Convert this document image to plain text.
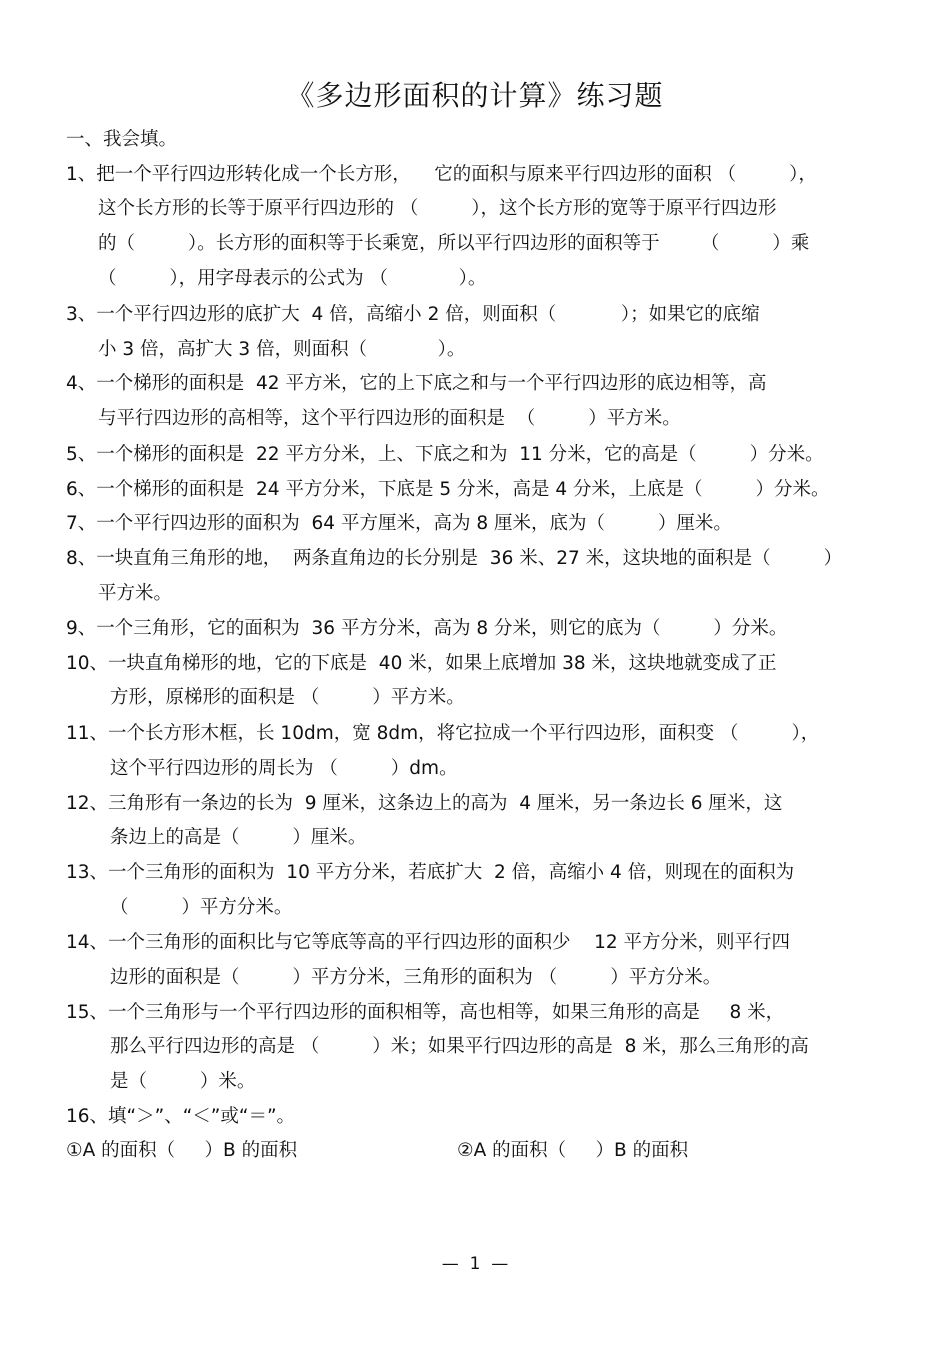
《多边形面积的计算》练习题
一、我会填。
1、把一个平行四边形转化成一个长方形，    它的面积与原来平行四边形的面积 （         ），
这个长方形的长等于原平行四边形的 （         ），这个长方形的宽等于原平行四边形
的（         ）。长方形的面积等于长乘宽，所以平行四边形的面积等于       （         ）乘
（         ），用字母表示的公式为 （            ）。
3、一个平行四边形的底扩大  4 倍，高缩小 2 倍，则面积（           ）；如果它的底缩
小 3 倍，高扩大 3 倍，则面积（            ）。
4、一个梯形的面积是  42 平方米，它的上下底之和与一个平行四边形的底边相等，高
与平行四边形的高相等，这个平行四边形的面积是  （         ）平方米。
5、一个梯形的面积是  22 平方分米，上、下底之和为  11 分米，它的高是（         ）分米。
6、一个梯形的面积是  24 平方分米，下底是 5 分米，高是 4 分米，上底是（         ）分米。
7、一个平行四边形的面积为  64 平方厘米，高为 8 厘米，底为（         ）厘米。
8、一块直角三角形的地，  两条直角边的长分别是  36 米、27 米，这块地的面积是（         ）
平方米。
9、一个三角形，它的面积为  36 平方分米，高为 8 分米，则它的底为（         ）分米。
10、一块直角梯形的地，它的下底是  40 米，如果上底增加 38 米，这块地就变成了正
方形，原梯形的面积是 （         ）平方米。
11、一个长方形木框，长 10dm，宽 8dm，将它拉成一个平行四边形，面积变 （         ），
这个平行四边形的周长为 （         ）dm。
12、三角形有一条边的长为  9 厘米，这条边上的高为  4 厘米，另一条边长 6 厘米，这
条边上的高是（         ）厘米。
13、一个三角形的面积为  10 平方分米，若底扩大  2 倍，高缩小 4 倍，则现在的面积为
（         ）平方分米。
14、一个三角形的面积比与它等底等高的平行四边形的面积少    12 平方分米，则平行四
边形的面积是（         ）平方分米，三角形的面积为 （         ）平方分米。
15、一个三角形与一个平行四边形的面积相等，高也相等，如果三角形的高是     8 米，
那么平行四边形的高是 （         ）米；如果平行四边形的高是  8 米，那么三角形的高
是（         ）米。
16、填“＞”、“＜”或“＝”。
①A 的面积（     ）B 的面积	②A 的面积（     ）B 的面积
—  1  —
